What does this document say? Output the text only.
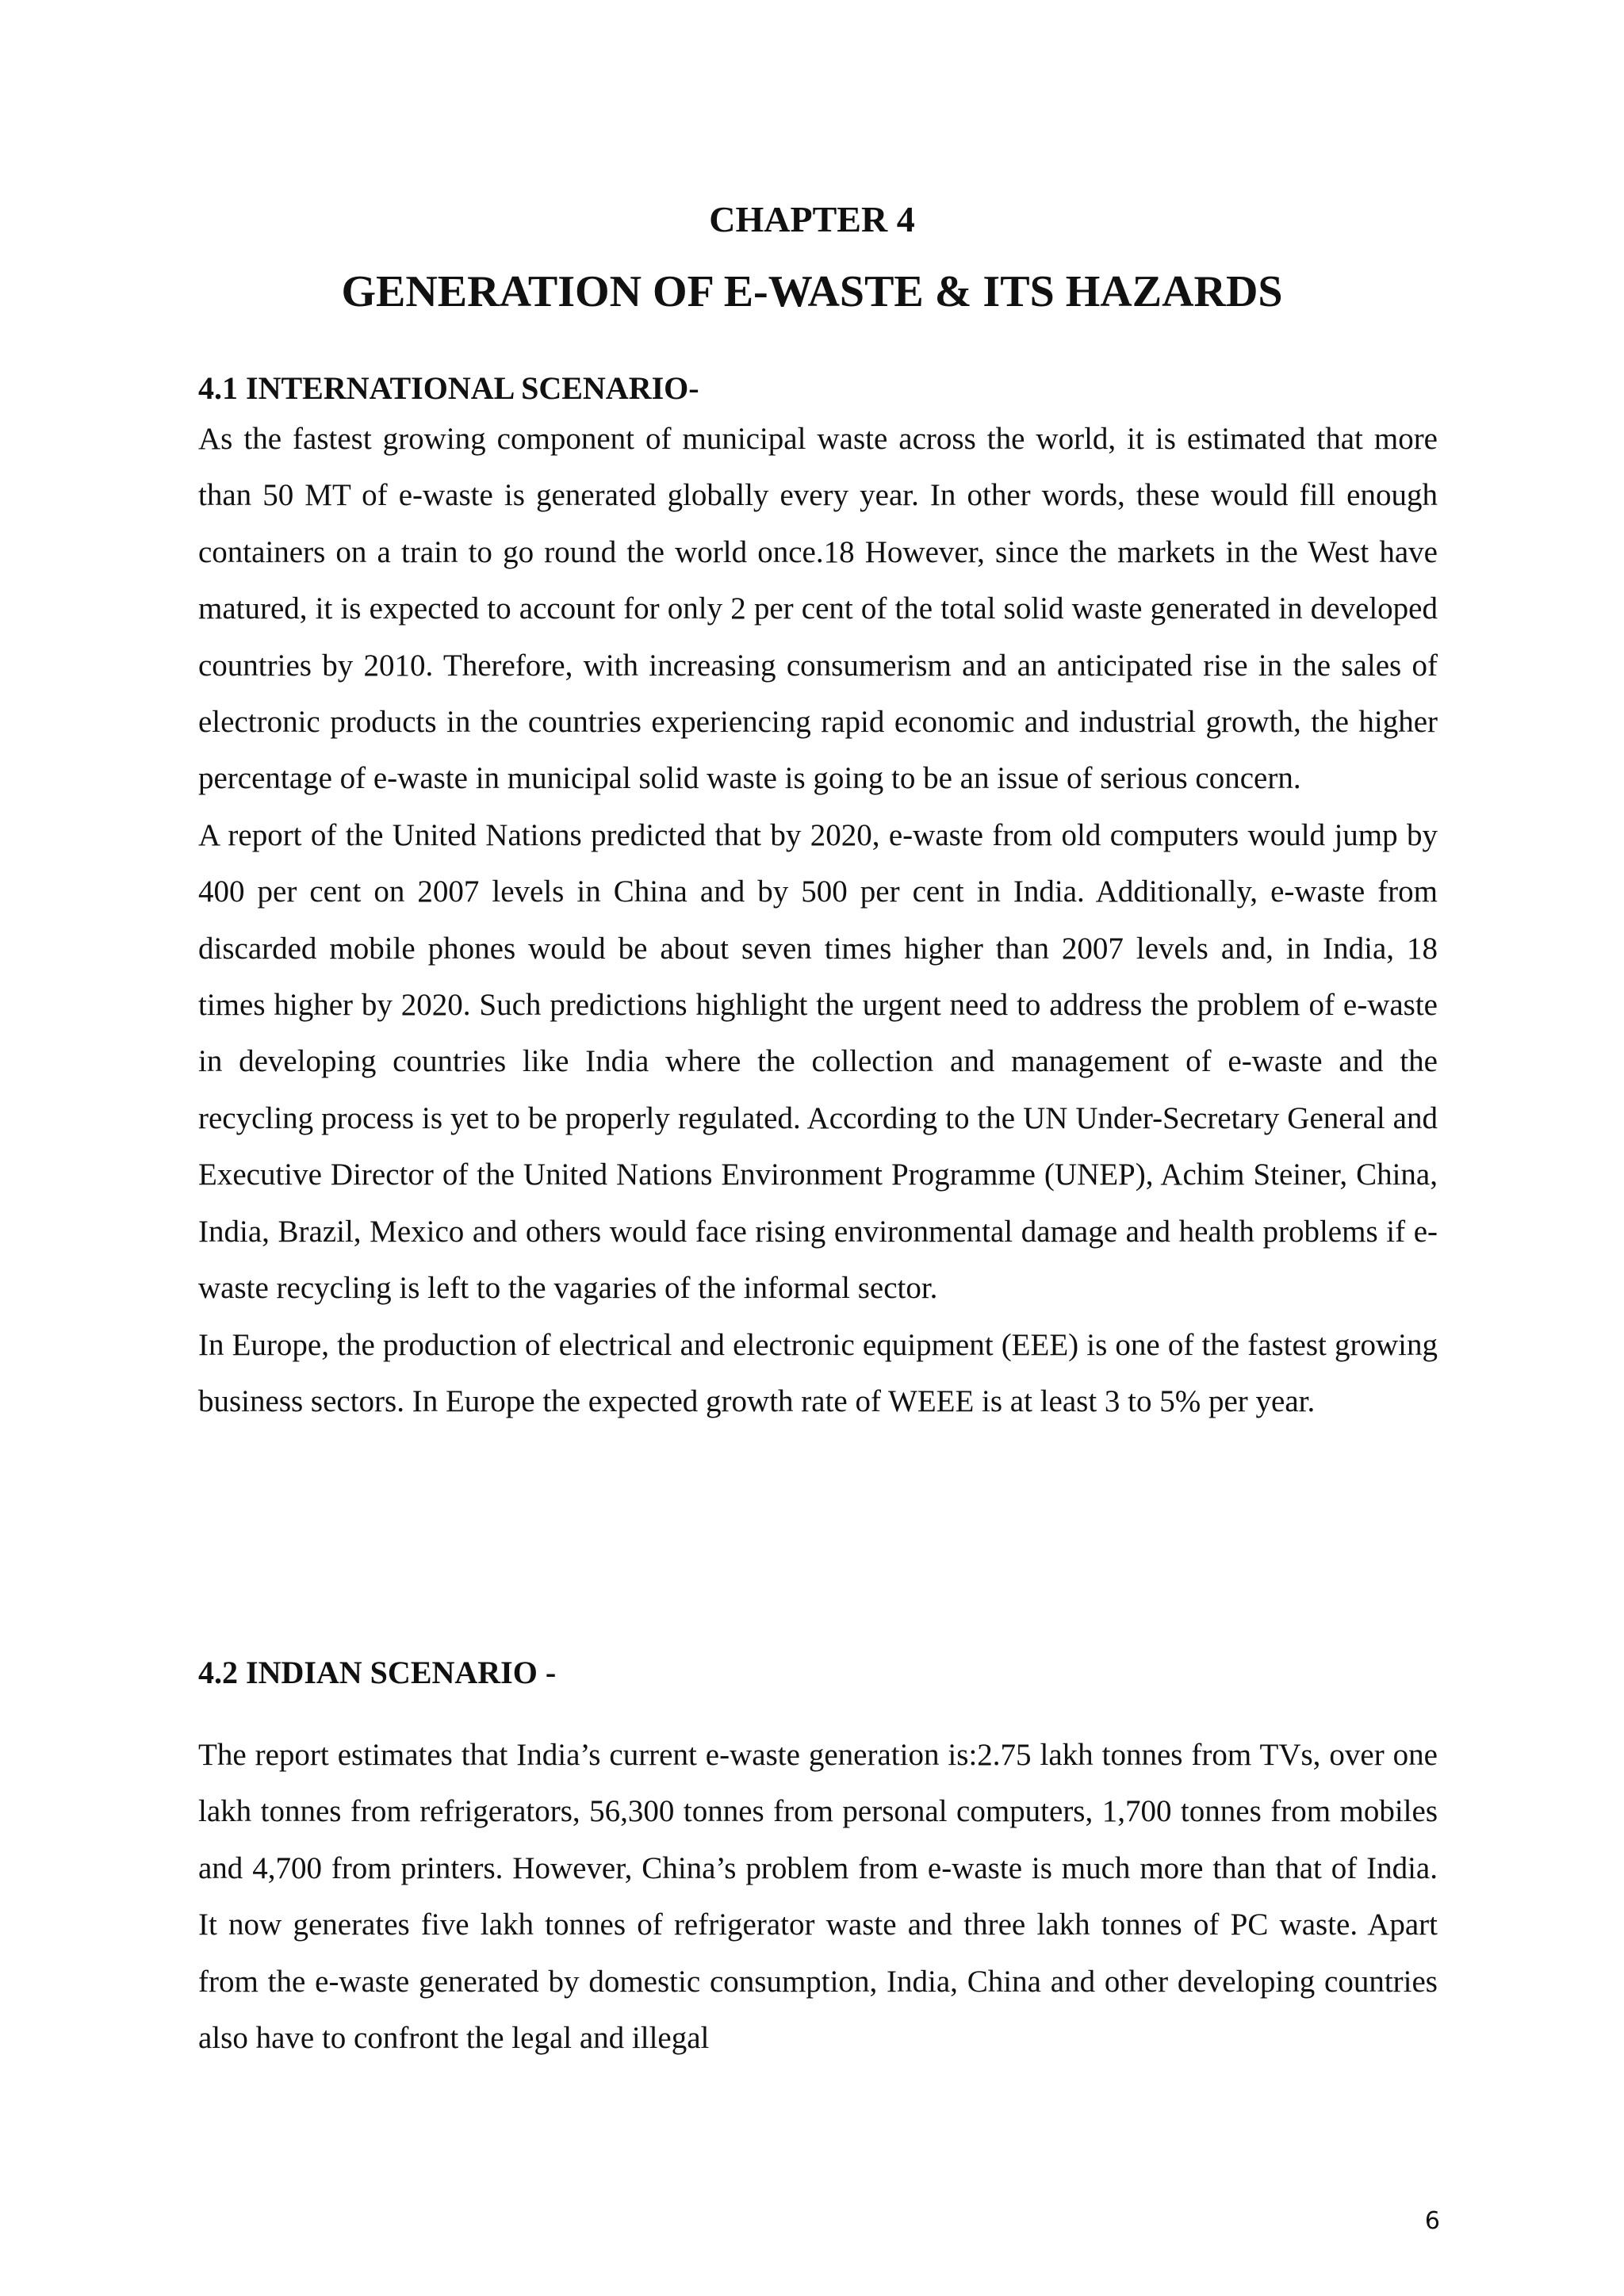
CHAPTER 4
GENERATION OF E-WASTE & ITS HAZARDS
4.1 INTERNATIONAL SCENARIO-

As the fastest growing component of municipal waste across the world, it is estimated that more than 50 MT of e-waste is generated globally every year. In other words, these would fill enough containers on a train to go round the world once.18 However, since the markets in the West have matured, it is expected to account for only 2 per cent of the total solid waste generated in developed countries by 2010. Therefore, with increasing consumerism and an anticipated rise in the sales of electronic products in the countries experiencing rapid economic and industrial growth, the higher percentage of e-waste in municipal solid waste is going to be an issue of serious concern.

A report of the United Nations predicted that by 2020, e-waste from old computers would jump by 400 per cent on 2007 levels in China and by 500 per cent in India. Additionally, e-waste from discarded mobile phones would be about seven times higher than 2007 levels and, in India, 18 times higher by 2020. Such predictions highlight the urgent need to address the problem of e-waste in developing countries like India where the collection and management of e-waste and the recycling process is yet to be properly regulated. According to the UN Under-Secretary General and Executive Director of the United Nations Environment Programme (UNEP), Achim Steiner, China, India, Brazil, Mexico and others would face rising environmental damage and health problems if e-waste recycling is left to the vagaries of the informal sector.

In Europe, the production of electrical and electronic equipment (EEE) is one of the fastest growing business sectors. In Europe the expected growth rate of WEEE is at least 3 to 5% per year.

4.2 INDIAN SCENARIO -

The report estimates that India’s current e-waste generation is:2.75 lakh tonnes from TVs, over one lakh tonnes from refrigerators, 56,300 tonnes from personal computers, 1,700 tonnes from mobiles and 4,700 from printers. However, China’s problem from e-waste is much more than that of India. It now generates five lakh tonnes of refrigerator waste and three lakh tonnes of PC waste. Apart from the e-waste generated by domestic consumption, India, China and other developing countries also have to confront the legal and illegal

6
